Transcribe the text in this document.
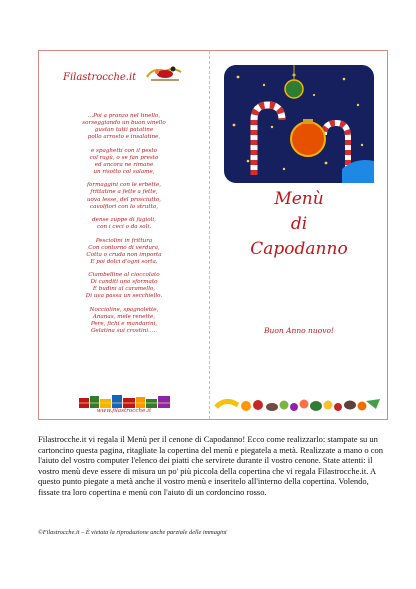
Filastrocche.it
...Poi a pranzo nel tinello,
sorseggiando un buon vinello
gustan tutti patatine
pollo arrosto e insalatine,
e spaghetti con il pesto
col ragù, o se fan presto
ed ancora ne rimane
un risotto col salame,
formaggini con le erbette,
frittatine a fette a fette,
uova lesse, del prosciutto,
cavolfiori con lo strutto,
dense zuppe di fagioli,
con i ceci o da soli.
Pesciolini in frittura
Con contorno di verdura,
Cotta o cruda non importa
E poi dolci d'ogni sorta.
Ciambelline al cioccolato
Di canditi uno sformato
E budini al caramello,
Di uva passa un secchiello.
Noccioline, spagnolette,
Ananas, mele renette,
Pere, fichi e mandarini,
Gelatina sui crostini.....
www.filastrocche.it
Menù
di
Capodanno
Buon Anno nuovo!
Filastrocche.it vi regala il Menù per il cenone di Capodanno! Ecco come realizzarlo: stampate su un cartoncino questa pagina, ritagliate la copertina del menù e piegatela a metà. Realizzate a mano o con l'aiuto del vostro computer l'elenco dei piatti che servirete durante il vostro cenone. State attenti: il vostro menù deve essere di misura un po' più piccola della copertina che vi regala Filastrocche.it. A questo punto piegate a metà anche il vostro menù e inseritelo all'interno della copertina. Volendo, fissate tra loro copertina e menù con l'aiuto di un cordoncino rosso.
©Filastrocche.it – È vietata la riproduzione anche parziale delle immagini
